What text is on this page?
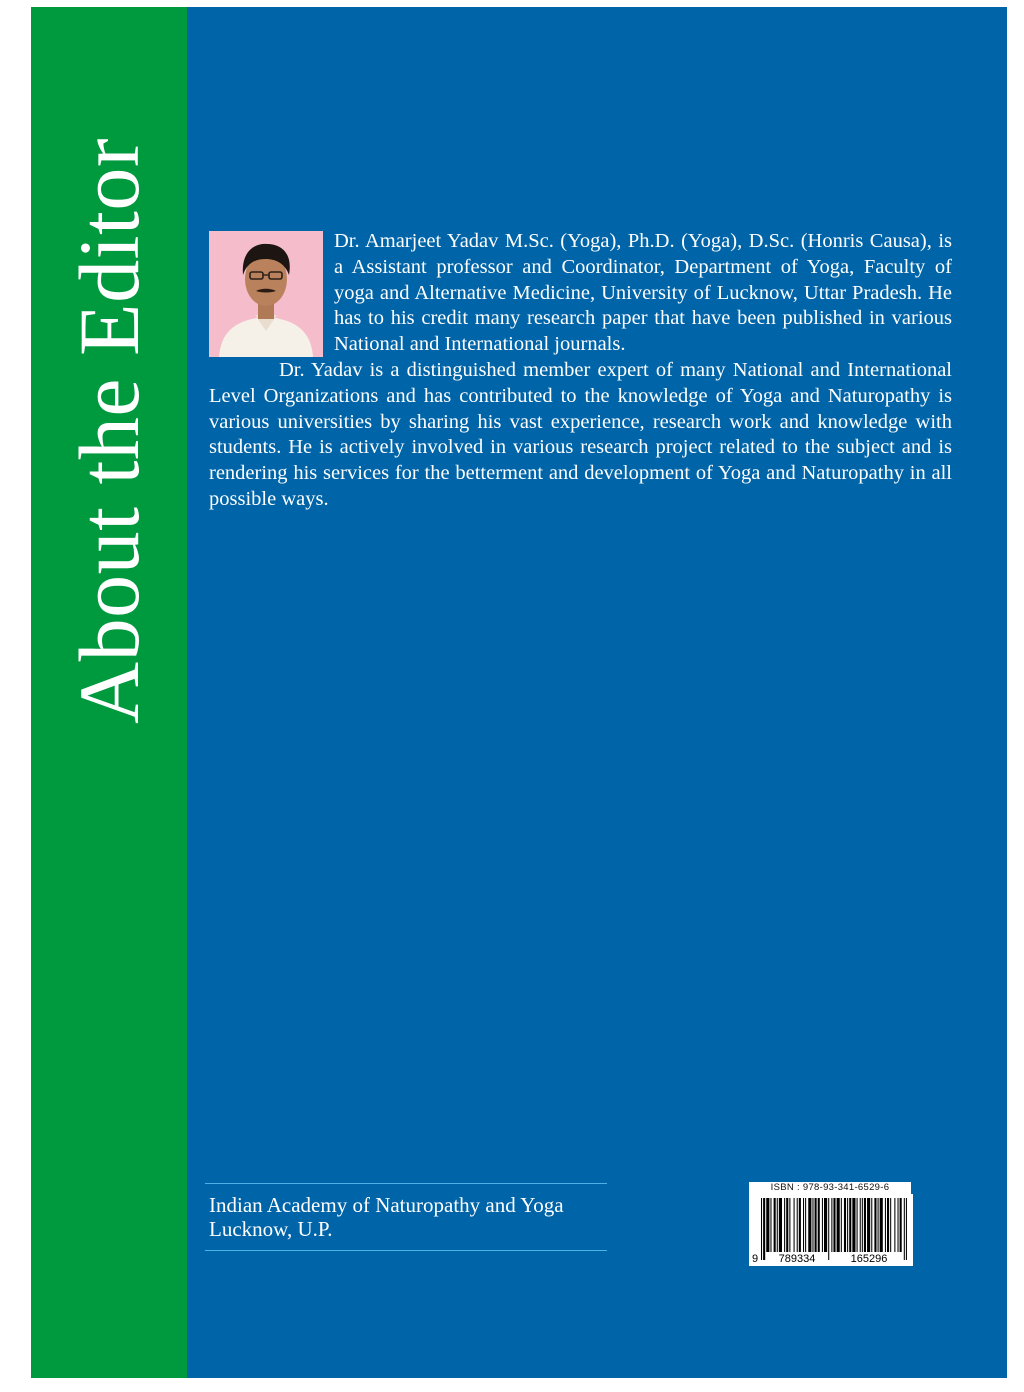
About the Editor	Dr. Amarjeet Yadav M.Sc. (Yoga), Ph.D. (Yoga), D.Sc. (Honris Causa), is a Assistant professor and Coordinator, Department of Yoga, Faculty of yoga and Alternative Medicine, University of Lucknow, Uttar Pradesh. He has to his credit many research paper that have been published in various National and International journals.

Dr. Yadav is a distinguished member expert of many National and International Level Organizations and has contributed to the knowledge of Yoga and Naturopathy is various universities by sharing his vast experience, research work and knowledge with students. He is actively involved in various research project related to the subject and is rendering his services for the betterment and development of Yoga and Naturopathy in all possible ways.

Indian Academy of Naturopathy and Yoga
Lucknow, U.P.
ISBN : 978-93-341-6529-6
9 789334	165296
